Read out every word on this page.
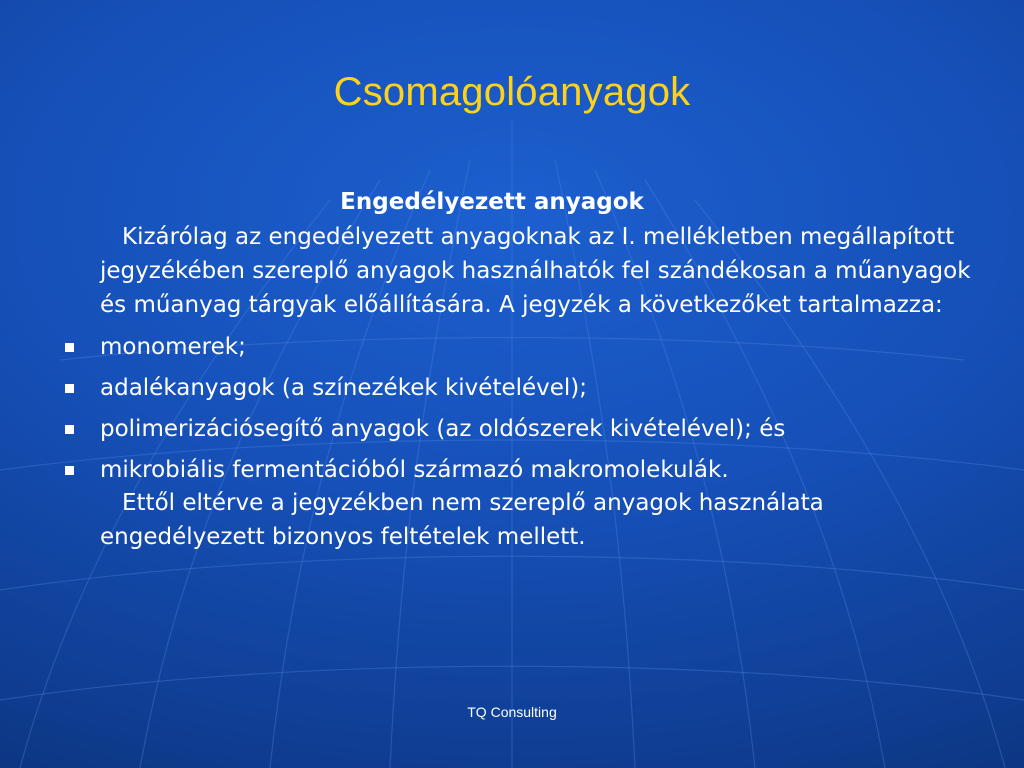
Csomagolóanyagok
Engedélyezett anyagok
Kizárólag az engedélyezett anyagoknak az I. mellékletben megállapított jegyzékében szereplő anyagok használhatók fel szándékosan a műanyagok és műanyag tárgyak előállítására. A jegyzék a következőket tartalmazza:
monomerek;
adalékanyagok (a színezékek kivételével);
polimerizációsegítő anyagok (az oldószerek kivételével); és
mikrobiális fermentációból származó makromolekulák.
Ettől eltérve a jegyzékben nem szereplő anyagok használata engedélyezett bizonyos feltételek mellett.
TQ Consulting
